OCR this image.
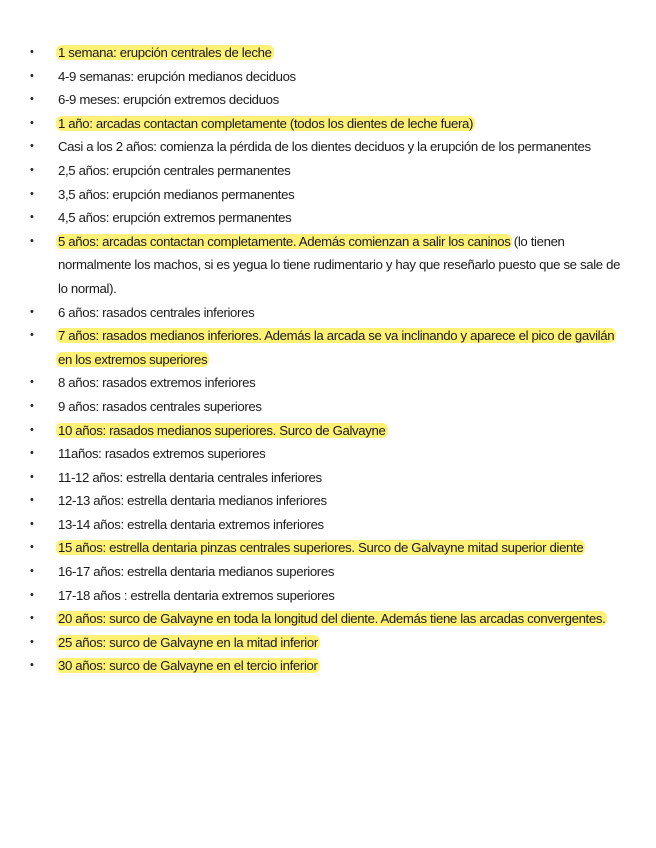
•	1 semana: erupción centrales de leche
•	4-9 semanas: erupción medianos deciduos
•	6-9 meses: erupción extremos deciduos
•	1 año: arcadas contactan completamente (todos los dientes de leche fuera)
•	Casi a los 2 años: comienza la pérdida de los dientes deciduos y la erupción de los permanentes
•	2,5 años: erupción centrales permanentes
•	3,5 años: erupción medianos permanentes
•	4,5 años: erupción extremos permanentes
•	5 años: arcadas contactan completamente. Además comienzan a salir los caninos (lo tienen normalmente los machos, si es yegua lo tiene rudimentario y hay que reseñarlo puesto que se sale de lo normal).
•	6 años: rasados centrales inferiores
•	7 años: rasados medianos inferiores. Además la arcada se va inclinando y aparece el pico de gavilán en los extremos superiores
•	8 años: rasados extremos inferiores
•	9 años: rasados centrales superiores
•	10 años: rasados medianos superiores. Surco de Galvayne
•	11años: rasados extremos superiores
•	11-12 años: estrella dentaria centrales inferiores
•	12-13 años: estrella dentaria medianos inferiores
•	13-14 años: estrella dentaria extremos inferiores
•	15 años: estrella dentaria pinzas centrales superiores. Surco de Galvayne mitad superior diente
•	16-17 años: estrella dentaria medianos superiores
•	17-18 años : estrella dentaria extremos superiores
•	20 años: surco de Galvayne en toda la longitud del diente. Además tiene las arcadas convergentes.
•	25 años: surco de Galvayne en la mitad inferior
•	30 años: surco de Galvayne en el tercio inferior
